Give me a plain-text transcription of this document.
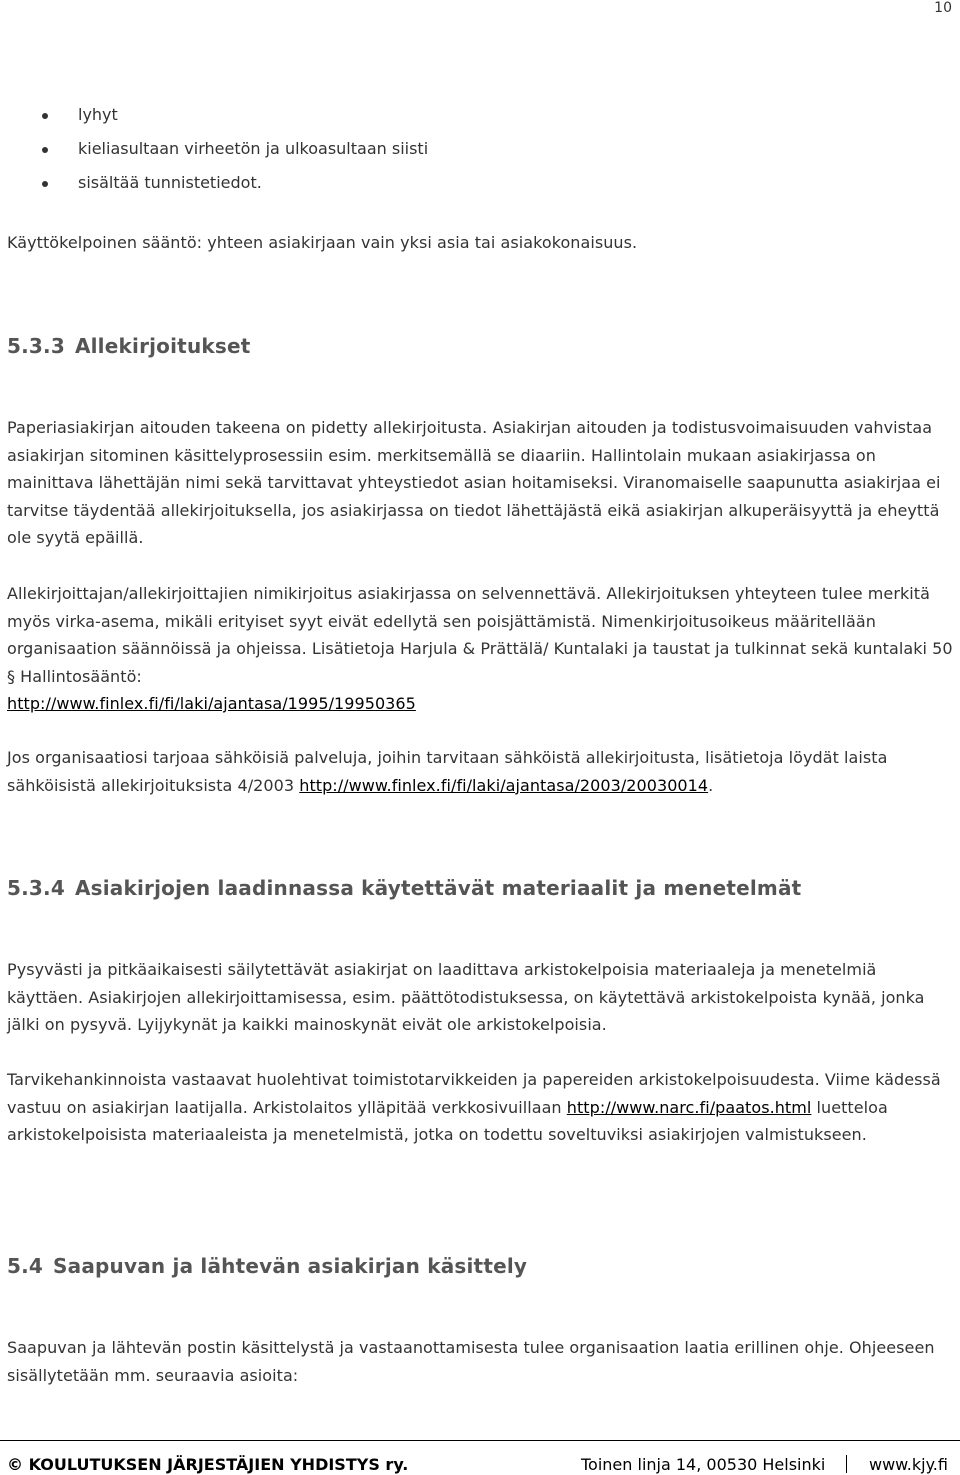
10
lyhyt
kieliasultaan virheetön ja ulkoasultaan siisti
sisältää tunnistetiedot.

Käyttökelpoinen sääntö: yhteen asiakirjaan vain yksi asia tai asiakokonaisuus.

5.3.3 Allekirjoitukset

Paperiasiakirjan aitouden takeena on pidetty allekirjoitusta. Asiakirjan aitouden ja todistusvoimaisuuden vahvistaa asiakirjan sitominen käsittelyprosessiin esim. merkitsemällä se diaariin. Hallintolain mukaan asiakirjassa on mainittava lähettäjän nimi sekä tarvittavat yhteystiedot asian hoitamiseksi. Viranomaiselle saapunutta asiakirjaa ei tarvitse täydentää allekirjoituksella, jos asiakirjassa on tiedot lähettäjästä eikä asiakirjan alkuperäisyyttä ja eheyttä ole syytä epäillä.

Allekirjoittajan/allekirjoittajien nimikirjoitus asiakirjassa on selvennettävä. Allekirjoituksen yhteyteen tulee merkitä myös virka-asema, mikäli erityiset syyt eivät edellytä sen poisjättämistä. Nimenkirjoitusoikeus määritellään organisaation säännöissä ja ohjeissa. Lisätietoja Harjula & Prättälä/ Kuntalaki ja taustat ja tulkinnat sekä kuntalaki 50 § Hallintosääntö:
http://www.finlex.fi/fi/laki/ajantasa/1995/19950365

Jos organisaatiosi tarjoaa sähköisiä palveluja, joihin tarvitaan sähköistä allekirjoitusta, lisätietoja löydät laista sähköisistä allekirjoituksista 4/2003 http://www.finlex.fi/fi/laki/ajantasa/2003/20030014.

5.3.4 Asiakirjojen laadinnassa käytettävät materiaalit ja menetelmät

Pysyvästi ja pitkäaikaisesti säilytettävät asiakirjat on laadittava arkistokelpoisia materiaaleja ja menetelmiä käyttäen. Asiakirjojen allekirjoittamisessa, esim. päättötodistuksessa, on käytettävä arkistokelpoista kynää, jonka jälki on pysyvä. Lyijykynät ja kaikki mainoskynät eivät ole arkistokelpoisia.

Tarvikehankinnoista vastaavat huolehtivat toimistotarvikkeiden ja papereiden arkistokelpoisuudesta. Viime kädessä vastuu on asiakirjan laatijalla. Arkistolaitos ylläpitää verkkosivuillaan http://www.narc.fi/paatos.html luetteloa arkistokelpoisista materiaaleista ja menetelmistä, jotka on todettu soveltuviksi asiakirjojen valmistukseen.

5.4 Saapuvan ja lähtevän asiakirjan käsittely

Saapuvan ja lähtevän postin käsittelystä ja vastaanottamisesta tulee organisaation laatia erillinen ohje. Ohjeeseen sisällytetään mm. seuraavia asioita:

© KOULUTUKSEN JÄRJESTÄJIEN YHDISTYS ry.	Toinen linja 14, 00530 Helsinki	www.kjy.fi
